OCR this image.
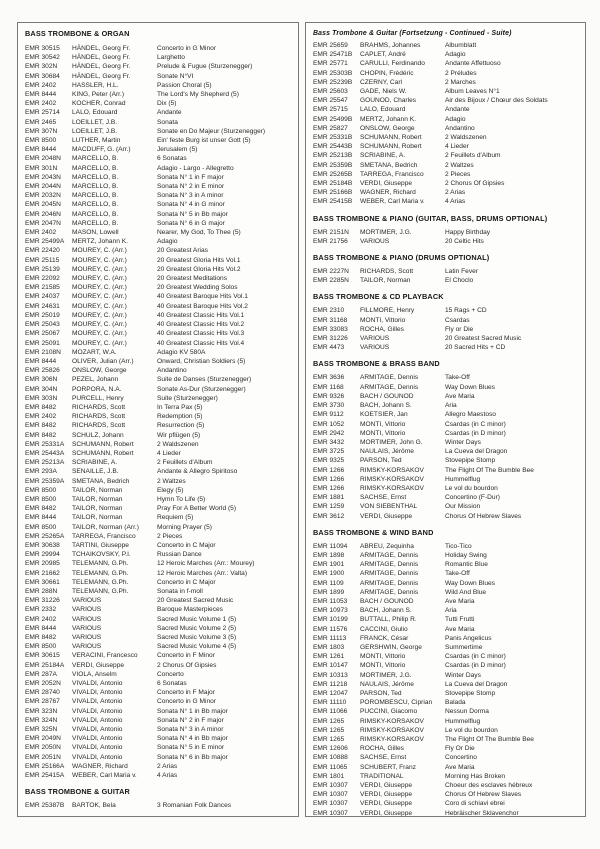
BASS TROMBONE & ORGAN
EMR 30515	HÄNDEL, Georg Fr.	Concerto in G Minor
EMR 30542	HÄNDEL, Georg Fr.	Larghetto
EMR 302N	HÄNDEL, Georg Fr.	Prelude & Fugue (Sturzenegger)
EMR 30684	HÄNDEL, Georg Fr.	Sonate N°VI
EMR 2402	HASSLER, H.L.	Passion Choral (5)
EMR 8444	KING, Peter (Arr.)	The Lord's My Shepherd (5)
EMR 2402	KOCHER, Conrad	Dix (5)
EMR 25714	LALO, Edouard	Andante
EMR 2465	LOEILLET, J.B.	Sonata
EMR 307N	LOEILLET, J.B.	Sonate en Do Majeur (Sturzenegger)
EMR 8500	LUTHER, Martin	Ein' feste Burg ist unser Gott (5)
EMR 8444	MACDUFF, G. (Arr.)	Jerusalem (5)
EMR 2048N	MARCELLO, B.	6 Sonatas
EMR 301N	MARCELLO, B.	Adagio - Largo - Allegretto
EMR 2043N	MARCELLO, B.	Sonata N° 1 in F major
EMR 2044N	MARCELLO, B.	Sonata N° 2 in E minor
EMR 2032N	MARCELLO, B.	Sonata N° 3 in A minor
EMR 2045N	MARCELLO, B.	Sonata N° 4 in G minor
EMR 2046N	MARCELLO, B.	Sonata N° 5 in Bb major
EMR 2047N	MARCELLO, B.	Sonata N° 6 in G major
EMR 2402	MASON, Lowell	Nearer, My God, To Thee (5)
EMR 25499A	MERTZ, Johann K.	Adagio
EMR 22420	MOUREY, C. (Arr.)	20 Greatest Arias
EMR 25115	MOUREY, C. (Arr.)	20 Greatest Gloria Hits Vol.1
EMR 25139	MOUREY, C. (Arr.)	20 Greatest Gloria Hits Vol.2
EMR 22092	MOUREY, C. (Arr.)	20 Greatest Meditations
EMR 21585	MOUREY, C. (Arr.)	20 Greatest Wedding Solos
EMR 24037	MOUREY, C. (Arr.)	40 Greatest Baroque Hits Vol.1
EMR 24631	MOUREY, C. (Arr.)	40 Greatest Baroque Hits Vol.2
EMR 25019	MOUREY, C. (Arr.)	40 Greatest Classic Hits Vol.1
EMR 25043	MOUREY, C. (Arr.)	40 Greatest Classic Hits Vol.2
EMR 25067	MOUREY, C. (Arr.)	40 Greatest Classic Hits Vol.3
EMR 25091	MOUREY, C. (Arr.)	40 Greatest Classic Hits Vol.4
EMR 2108N	MOZART, W.A.	Adagio KV 580A
EMR 8444	OLIVER, Julian (Arr.)	Onward, Christian Soldiers (5)
EMR 25826	ONSLOW, George	Andantino
EMR 306N	PEZEL, Johann	Suite de Danses (Sturzenegger)
EMR 304N	PORPORA, N.A.	Sonate As-Dur (Sturzenegger)
EMR 303N	PURCELL, Henry	Suite (Sturzenegger)
EMR 8482	RICHARDS, Scott	In Terra Pax (5)
EMR 2402	RICHARDS, Scott	Redemption (5)
EMR 8482	RICHARDS, Scott	Resurrection (5)
EMR 8482	SCHULZ, Johann	Wir pflügen (5)
EMR 25331A	SCHUMANN, Robert	2 Waldszenen
EMR 25443A	SCHUMANN, Robert	4 Lieder
EMR 25213A	SCRIABINE, A.	2 Feuillets d'Album
EMR 293A	SENAILLE, J.B.	Andante & Allegro Spiritoso
EMR 25359A	SMETANA, Bedrich	2 Waltzes
EMR 8500	TAILOR, Norman	Elegy (5)
EMR 8500	TAILOR, Norman	Hymn To Life (5)
EMR 8482	TAILOR, Norman	Pray For A Better World (5)
EMR 8444	TAILOR, Norman	Requiem (5)
EMR 8500	TAILOR, Norman (Arr.)	Morning Prayer (5)
EMR 25265A	TARREGA, Francisco	2 Pieces
EMR 30638	TARTINI, Giuseppe	Concerto in C Major
EMR 29994	TCHAIKOVSKY, P.I.	Russian Dance
EMR 20985	TELEMANN, G.Ph.	12 Heroic Marches (Arr.: Mourey)
EMR 21662	TELEMANN, G.Ph.	12 Heroic Marches (Arr.: Valta)
EMR 30661	TELEMANN, G.Ph.	Concerto in C Major
EMR 288N	TELEMANN, G.Ph.	Sonata in f-moll
EMR 31226	VARIOUS	20 Greatest Sacred Music
EMR 2332	VARIOUS	Baroque Masterpieces
EMR 2402	VARIOUS	Sacred Music Volume 1 (5)
EMR 8444	VARIOUS	Sacred Music Volume 2 (5)
EMR 8482	VARIOUS	Sacred Music Volume 3 (5)
EMR 8500	VARIOUS	Sacred Music Volume 4 (5)
EMR 30615	VERACINI, Francesco	Concerto in F Minor
EMR 25184A	VERDI, Giuseppe	2 Chorus Of Gipsies
EMR 287A	VIOLA, Anselm	Concerto
EMR 2052N	VIVALDI, Antonio	6 Sonatas
EMR 28740	VIVALDI, Antonio	Concerto in F Major
EMR 28767	VIVALDI, Antonio	Concerto in G Minor
EMR 323N	VIVALDI, Antonio	Sonata N° 1 in Bb major
EMR 324N	VIVALDI, Antonio	Sonata N° 2 in F major
EMR 325N	VIVALDI, Antonio	Sonata N° 3 in A minor
EMR 2049N	VIVALDI, Antonio	Sonata N° 4 in Bb major
EMR 2050N	VIVALDI, Antonio	Sonata N° 5 in E minor
EMR 2051N	VIVALDI, Antonio	Sonata N° 6 in Bb major
EMR 25166A	WAGNER, Richard	2 Arias
EMR 25415A	WEBER, Carl Maria v.	4 Arias
BASS TROMBONE & GUITAR
EMR 25387B	BARTOK, Bela	3 Romanian Folk Dances
Bass Trombone & Guitar (Fortsetzung - Continued - Suite)
EMR 25659	BRAHMS, Johannes	Albumblatt
EMR 25471B	CAPLET, André	Adagio
EMR 25771	CARULLI, Ferdinando	Andante Affettuoso
EMR 25303B	CHOPIN, Frédéric	2 Préludes
EMR 25239B	CZERNY, Carl	2 Marches
EMR 25603	GADE, Niels W.	Album Leaves N°1
EMR 25547	GOUNOD, Charles	Air des Bijoux / Chœur des Soldats
EMR 25715	LALO, Edouard	Andante
EMR 25499B	MERTZ, Johann K.	Adagio
EMR 25827	ONSLOW, George	Andantino
EMR 25331B	SCHUMANN, Robert	2 Waldszenen
EMR 25443B	SCHUMANN, Robert	4 Lieder
EMR 25213B	SCRIABINE, A.	2 Feuillets d'Album
EMR 25359B	SMETANA, Bedrich	2 Waltzes
EMR 25265B	TARREGA, Francisco	2 Pieces
EMR 25184B	VERDI, Giuseppe	2 Chorus Of Gipsies
EMR 25166B	WAGNER, Richard	2 Arias
EMR 25415B	WEBER, Carl Maria v.	4 Arias
BASS TROMBONE & PIANO (GUITAR, BASS, DRUMS OPTIONAL)
EMR 2151N	MORTIMER, J.G.	Happy Birthday
EMR 21756	VARIOUS	20 Celtic Hits
BASS TROMBONE & PIANO (DRUMS OPTIONAL)
EMR 2227N	RICHARDS, Scott	Latin Fever
EMR 2285N	TAILOR, Norman	El Choclo
BASS TROMBONE & CD PLAYBACK
EMR 2310	FILLMORE, Henry	15 Rags + CD
EMR 31168	MONTI, Vittorio	Csardas
EMR 33083	ROCHA, Gilles	Fly or Die
EMR 31226	VARIOUS	20 Greatest Sacred Music
EMR 4473	VARIOUS	20 Sacred Hits + CD
BASS TROMBONE & BRASS BAND
EMR 3636	ARMITAGE, Dennis	Take-Off
EMR 1168	ARMITAGE, Dennis	Way Down Blues
EMR 9326	BACH / GOUNOD	Ave Maria
EMR 3730	BACH, Johann S.	Aria
EMR 9112	KOETSIER, Jan	Allegro Maestoso
EMR 1052	MONTI, Vittorio	Csardas (in C minor)
EMR 2942	MONTI, Vittorio	Csardas (in D minor)
EMR 3432	MORTIMER, John G.	Winter Days
EMR 3725	NAULAIS, Jérôme	La Cueva del Dragon
EMR 9325	PARSON, Ted	Stovepipe Stomp
EMR 1266	RIMSKY-KORSAKOV	The Flight Of The Bumble Bee
EMR 1266	RIMSKY-KORSAKOV	Hummelflug
EMR 1266	RIMSKY-KORSAKOV	Le vol du bourdon
EMR 1881	SACHSE, Ernst	Concertino (F-Dur)
EMR 1259	VON SIEBENTHAL	Our Mission
EMR 3612	VERDI, Giuseppe	Chorus Of Hebrew Slaves
BASS TROMBONE & WIND BAND
EMR 11094	ABREU, Zequinha	Tico-Tico
EMR 1898	ARMITAGE, Dennis	Holiday Swing
EMR 1901	ARMITAGE, Dennis	Romantic Blue
EMR 1900	ARMITAGE, Dennis	Take-Off
EMR 1109	ARMITAGE, Dennis	Way Down Blues
EMR 1899	ARMITAGE, Dennis	Wild And Blue
EMR 11053	BACH / GOUNOD	Ave Maria
EMR 10973	BACH, Johann S.	Aria
EMR 10199	BUTTALL, Philip R.	Tutti Frutti
EMR 11576	CACCINI, Giulio	Ave Maria
EMR 11113	FRANCK, César	Panis Angelicus
EMR 1803	GERSHWIN, George	Summertime
EMR 1261	MONTI, Vittorio	Csardas (in C minor)
EMR 10147	MONTI, Vittorio	Csardas (in D minor)
EMR 10313	MORTIMER, J.G.	Winter Days
EMR 11218	NAULAIS, Jérôme	La Cueva del Dragon
EMR 12047	PARSON, Ted	Stovepipe Stomp
EMR 11110	POROMBESCU, Ciprian	Balada
EMR 11066	PUCCINI, Giacomo	Nessun Dorma
EMR 1265	RIMSKY-KORSAKOV	Hummelflug
EMR 1265	RIMSKY-KORSAKOV	Le vol du bourdon
EMR 1265	RIMSKY-KORSAKOV	The Flight Of The Bumble Bee
EMR 12606	ROCHA, Gilles	Fly Or Die
EMR 10888	SACHSE, Ernst	Concertino
EMR 11065	SCHUBERT, Franz	Ave Maria
EMR 1801	TRADITIONAL	Morning Has Broken
EMR 10307	VERDI, Giuseppe	Choeur des esclaves hébreux
EMR 10307	VERDI, Giuseppe	Chorus Of Hebrew Slaves
EMR 10307	VERDI, Giuseppe	Coro di schiavi ebrei
EMR 10307	VERDI, Giuseppe	Hebräischer Sklavenchor
